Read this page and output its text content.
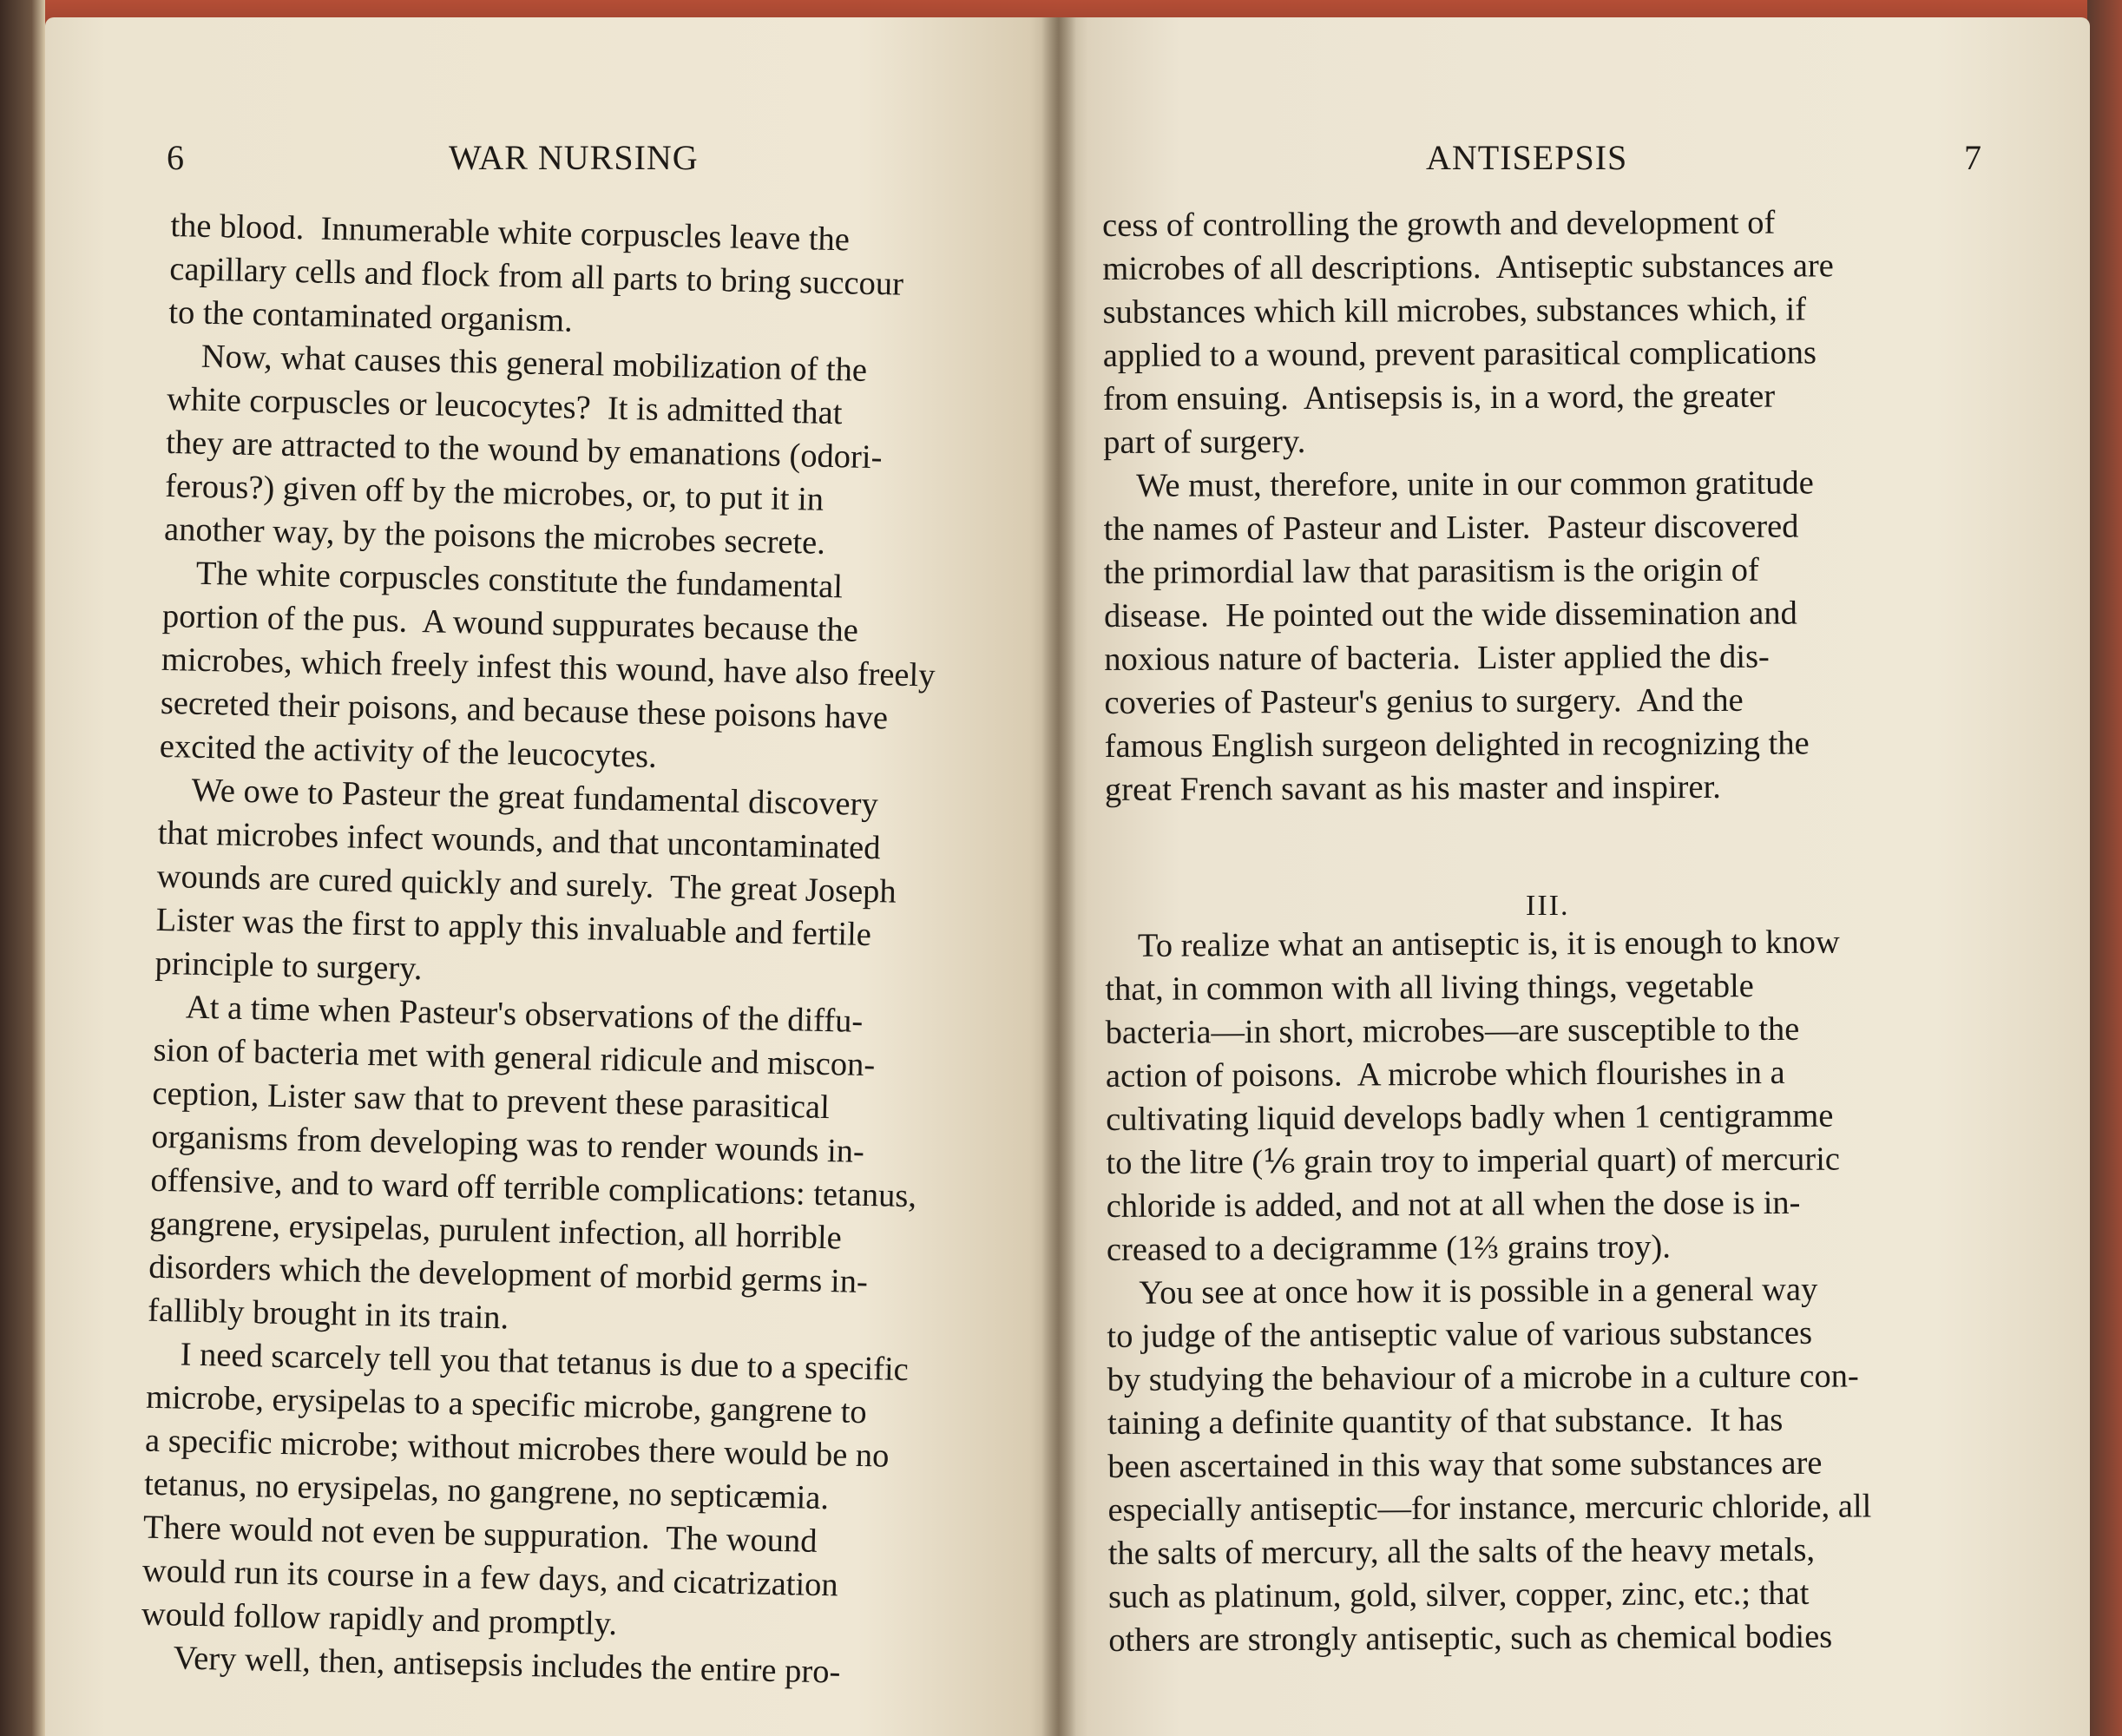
6	WAR NURSING
the blood.  Innumerable white corpuscles leave the
capillary cells and flock from all parts to bring succour
to the contaminated organism.
Now, what causes this general mobilization of the
white corpuscles or leucocytes?  It is admitted that
they are attracted to the wound by emanations (odori-
ferous?) given off by the microbes, or, to put it in
another way, by the poisons the microbes secrete.
The white corpuscles constitute the fundamental
portion of the pus.  A wound suppurates because the
microbes, which freely infest this wound, have also freely
secreted their poisons, and because these poisons have
excited the activity of the leucocytes.
We owe to Pasteur the great fundamental discovery
that microbes infect wounds, and that uncontaminated
wounds are cured quickly and surely.  The great Joseph
Lister was the first to apply this invaluable and fertile
principle to surgery.
At a time when Pasteur's observations of the diffu-
sion of bacteria met with general ridicule and miscon-
ception, Lister saw that to prevent these parasitical
organisms from developing was to render wounds in-
offensive, and to ward off terrible complications: tetanus,
gangrene, erysipelas, purulent infection, all horrible
disorders which the development of morbid germs in-
fallibly brought in its train.
I need scarcely tell you that tetanus is due to a specific
microbe, erysipelas to a specific microbe, gangrene to
a specific microbe; without microbes there would be no
tetanus, no erysipelas, no gangrene, no septicæmia.
There would not even be suppuration.  The wound
would run its course in a few days, and cicatrization
would follow rapidly and promptly.
Very well, then, antisepsis includes the entire pro-
ANTISEPSIS	7
cess of controlling the growth and development of
microbes of all descriptions.  Antiseptic substances are
substances which kill microbes, substances which, if
applied to a wound, prevent parasitical complications
from ensuing.  Antisepsis is, in a word, the greater
part of surgery.
We must, therefore, unite in our common gratitude
the names of Pasteur and Lister.  Pasteur discovered
the primordial law that parasitism is the origin of
disease.  He pointed out the wide dissemination and
noxious nature of bacteria.  Lister applied the dis-
coveries of Pasteur's genius to surgery.  And the
famous English surgeon delighted in recognizing the
great French savant as his master and inspirer.
III.
To realize what an antiseptic is, it is enough to know
that, in common with all living things, vegetable
bacteria—in short, microbes—are susceptible to the
action of poisons.  A microbe which flourishes in a
cultivating liquid develops badly when 1 centigramme
to the litre (⅙ grain troy to imperial quart) of mercuric
chloride is added, and not at all when the dose is in-
creased to a decigramme (1⅔ grains troy).
You see at once how it is possible in a general way
to judge of the antiseptic value of various substances
by studying the behaviour of a microbe in a culture con-
taining a definite quantity of that substance.  It has
been ascertained in this way that some substances are
especially antiseptic—for instance, mercuric chloride, all
the salts of mercury, all the salts of the heavy metals,
such as platinum, gold, silver, copper, zinc, etc.; that
others are strongly antiseptic, such as chemical bodies
